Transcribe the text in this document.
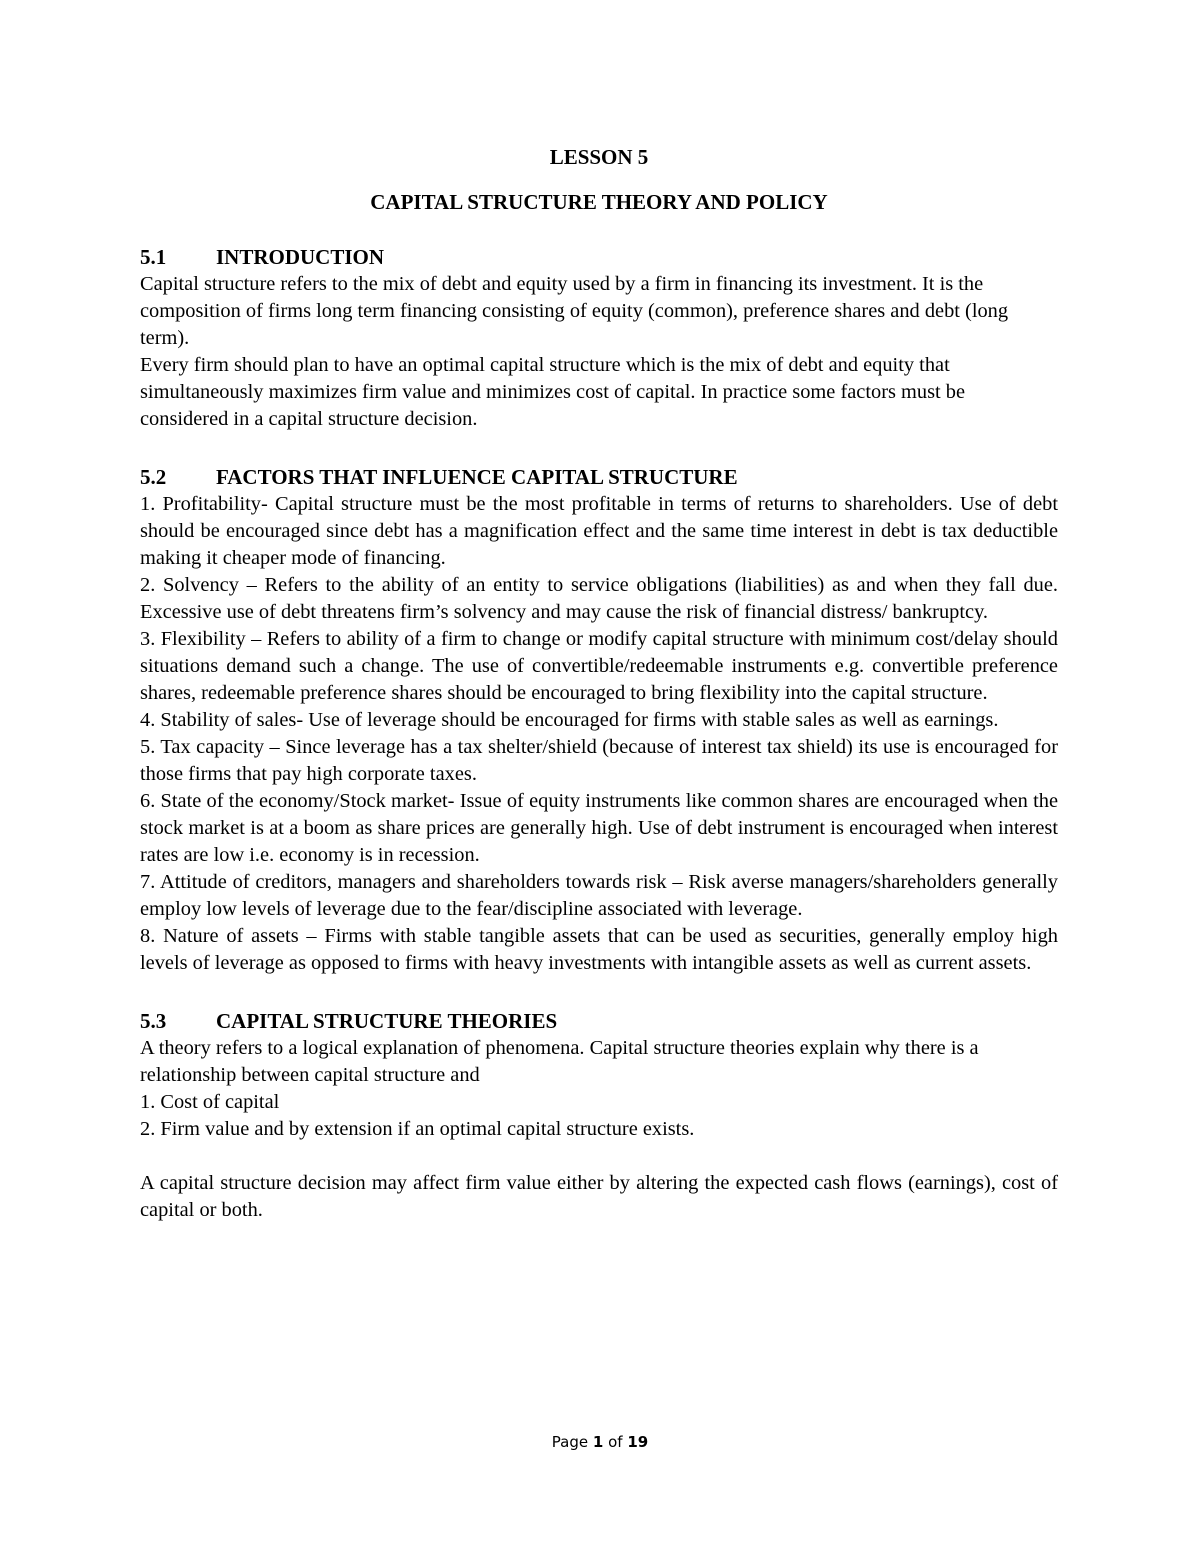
LESSON 5

CAPITAL STRUCTURE THEORY AND POLICY

5.1 INTRODUCTION

Capital structure refers to the mix of debt and equity used by a firm in financing its investment. It is the composition of firms long term financing consisting of equity (common), preference shares and debt (long term).

Every firm should plan to have an optimal capital structure which is the mix of debt and equity that simultaneously maximizes firm value and minimizes cost of capital. In practice some factors must be considered in a capital structure decision.

5.2 FACTORS THAT INFLUENCE CAPITAL STRUCTURE

1. Profitability- Capital structure must be the most profitable in terms of returns to shareholders. Use of debt should be encouraged since debt has a magnification effect and the same time interest in debt is tax deductible making it cheaper mode of financing.

2. Solvency – Refers to the ability of an entity to service obligations (liabilities) as and when they fall due. Excessive use of debt threatens firm’s solvency and may cause the risk of financial distress/ bankruptcy.

3. Flexibility – Refers to ability of a firm to change or modify capital structure with minimum cost/delay should situations demand such a change. The use of convertible/redeemable instruments e.g. convertible preference shares, redeemable preference shares should be encouraged to bring flexibility into the capital structure.

4. Stability of sales- Use of leverage should be encouraged for firms with stable sales as well as earnings.

5. Tax capacity – Since leverage has a tax shelter/shield (because of interest tax shield) its use is encouraged for those firms that pay high corporate taxes.

6. State of the economy/Stock market- Issue of equity instruments like common shares are encouraged when the stock market is at a boom as share prices are generally high. Use of debt instrument is encouraged when interest rates are low i.e. economy is in recession.

7. Attitude of creditors, managers and shareholders towards risk – Risk averse managers/shareholders generally employ low levels of leverage due to the fear/discipline associated with leverage.

8. Nature of assets – Firms with stable tangible assets that can be used as securities, generally employ high levels of leverage as opposed to firms with heavy investments with intangible assets as well as current assets.

5.3 CAPITAL STRUCTURE THEORIES

A theory refers to a logical explanation of phenomena. Capital structure theories explain why there is a relationship between capital structure and

1. Cost of capital

2. Firm value and by extension if an optimal capital structure exists.

A capital structure decision may affect firm value either by altering the expected cash flows (earnings), cost of capital or both.

Page 1 of 19
